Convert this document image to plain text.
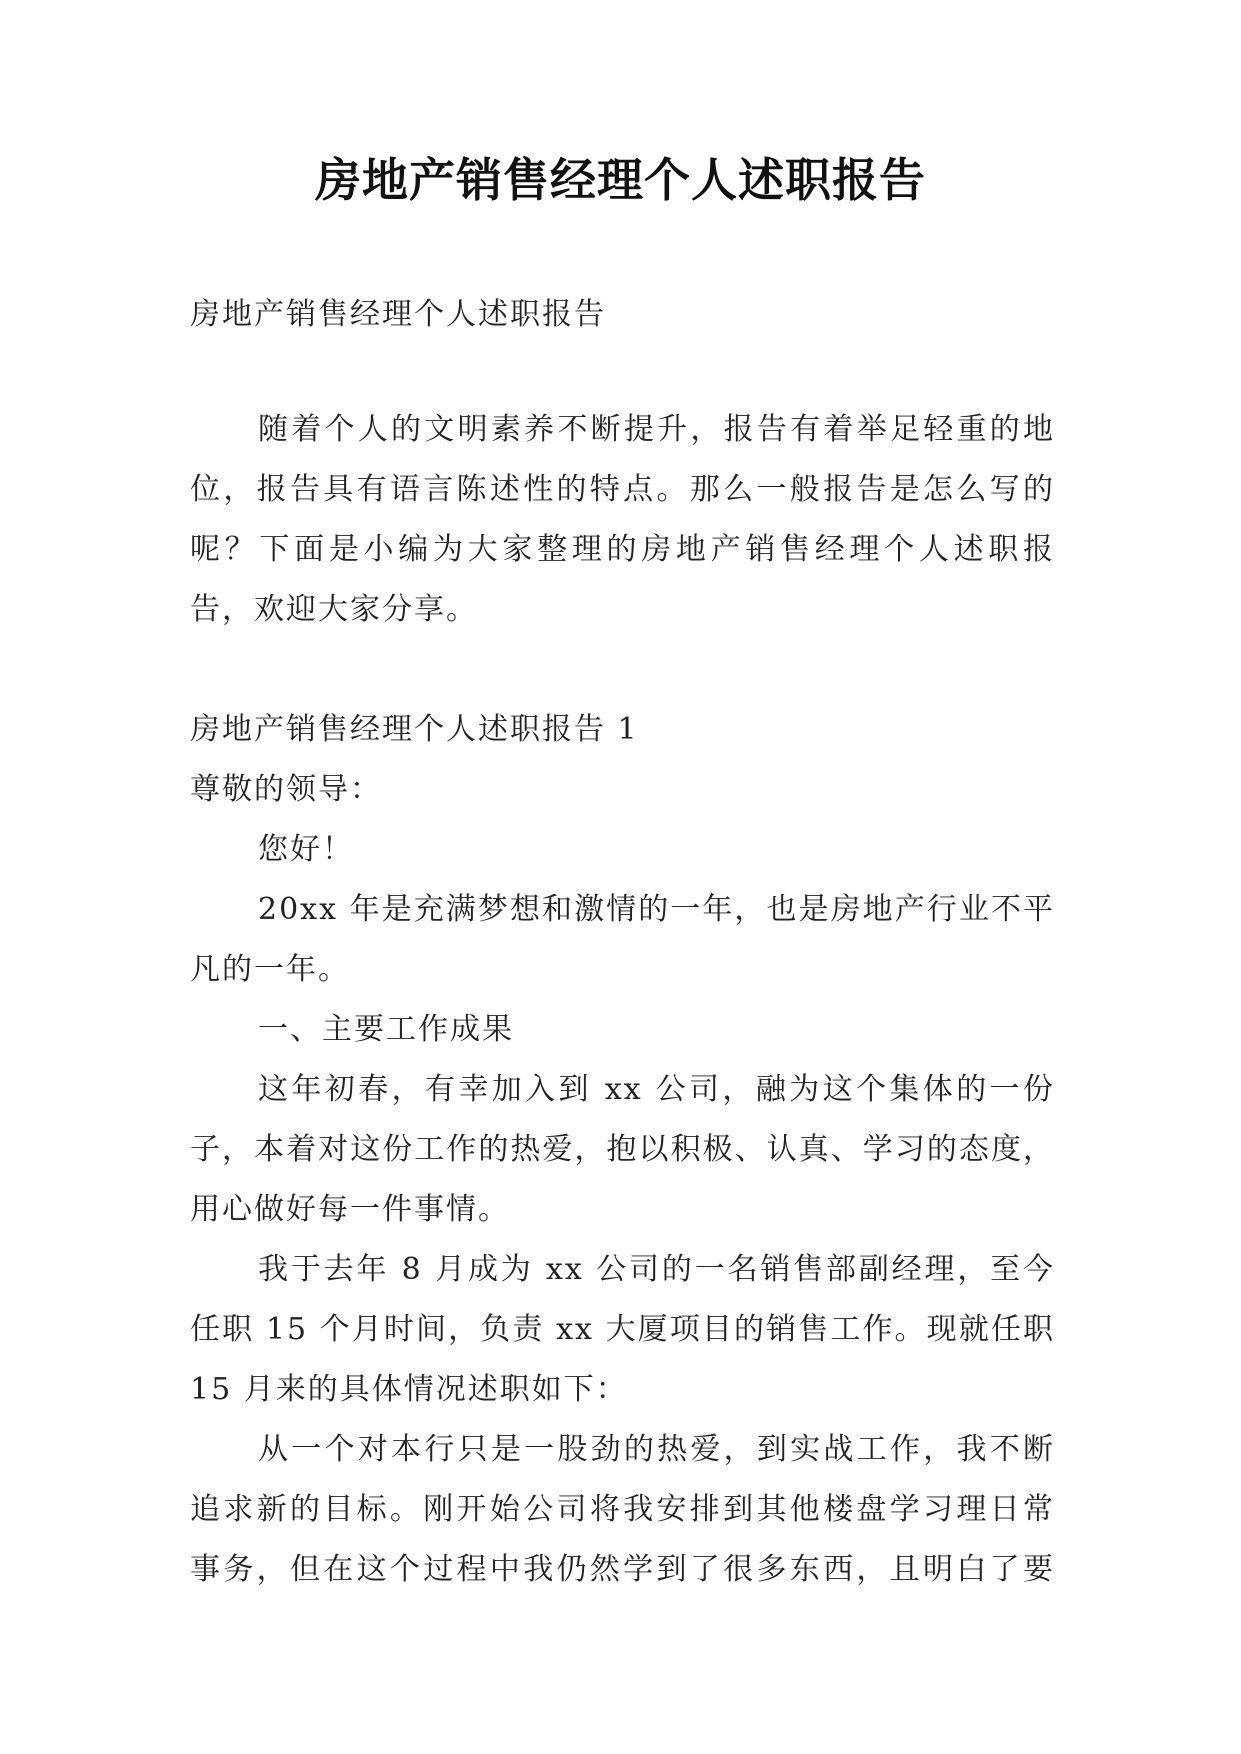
房地产销售经理个人述职报告
房地产销售经理个人述职报告
随着个人的文明素养不断提升，报告有着举足轻重的地
位，报告具有语言陈述性的特点。那么一般报告是怎么写的
呢？下面是小编为大家整理的房地产销售经理个人述职报
告，欢迎大家分享。
房地产销售经理个人述职报告 1
尊敬的领导：
您好！
20xx 年是充满梦想和激情的一年，也是房地产行业不平
凡的一年。
一、主要工作成果
这年初春，有幸加入到 xx 公司，融为这个集体的一份
子，本着对这份工作的热爱，抱以积极、认真、学习的态度，
用心做好每一件事情。
我于去年 8 月成为 xx 公司的一名销售部副经理，至今
任职 15 个月时间，负责 xx 大厦项目的销售工作。现就任职
15 月来的具体情况述职如下：
从一个对本行只是一股劲的热爱，到实战工作，我不断
追求新的目标。刚开始公司将我安排到其他楼盘学习理日常
事务，但在这个过程中我仍然学到了很多东西，且明白了要
